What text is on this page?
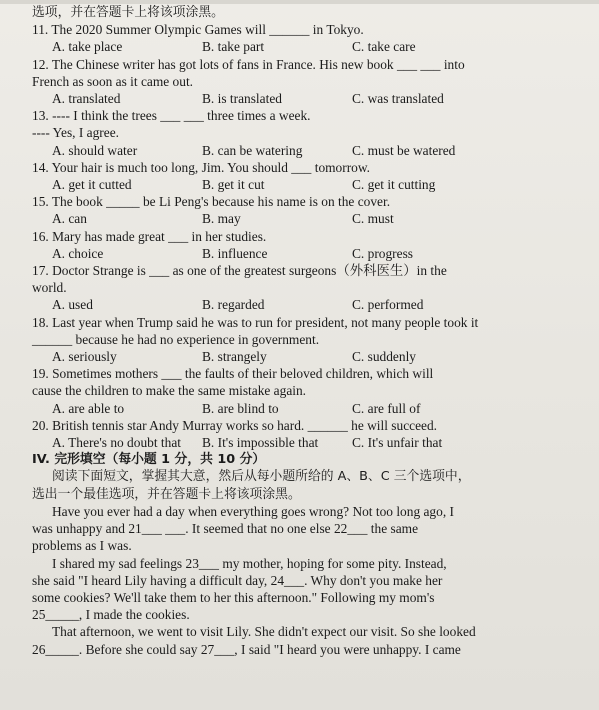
选项，并在答题卡上将该项涂黑。
11. The 2020 Summer Olympic Games will ______ in Tokyo.
A. take place	B. take part	C. take care
12. The Chinese writer has got lots of fans in France. His new book ___ ___ into
French as soon as it came out.
A. translated	B. is translated	C. was translated
13. ---- I think the trees ___ ___ three times a week.
---- Yes, I agree.
A. should water	B. can be watering	C. must be watered
14. Your hair is much too long, Jim. You should ___ tomorrow.
A. get it cutted	B. get it cut	C. get it cutting
15. The book _____ be Li Peng's because his name is on the cover.
A. can	B. may	C. must
16. Mary has made great ___ in her studies.
A. choice	B. influence	C. progress
17. Doctor Strange is ___ as one of the greatest surgeons（外科医生）in the
world.
A. used	B. regarded	C. performed
18. Last year when Trump said he was to run for president, not many people took it
______ because he had no experience in government.
A. seriously	B. strangely	C. suddenly
19. Sometimes mothers ___ the faults of their beloved children, which will
cause the children to make the same mistake again.
A. are able to	B. are blind to	C. are full of
20. British tennis star Andy Murray works so hard. ______ he will succeed.
A. There's no doubt that	B. It's impossible that	C. It's unfair that
IV. 完形填空（每小题 1 分，共 10 分）
阅读下面短文，掌握其大意，然后从每小题所给的 A、B、C 三个选项中，
选出一个最佳选项，并在答题卡上将该项涂黑。
Have you ever had a day when everything goes wrong? Not too long ago, I
was unhappy and 21___ ___. It seemed that no one else 22___ the same
problems as I was.
I shared my sad feelings 23___ my mother, hoping for some pity. Instead,
she said "I heard Lily having a difficult day, 24___. Why don't you make her
some cookies? We'll take them to her this afternoon." Following my mom's
25_____, I made the cookies.
That afternoon, we went to visit Lily. She didn't expect our visit. So she looked
26_____. Before she could say 27___, I said "I heard you were unhappy. I came
